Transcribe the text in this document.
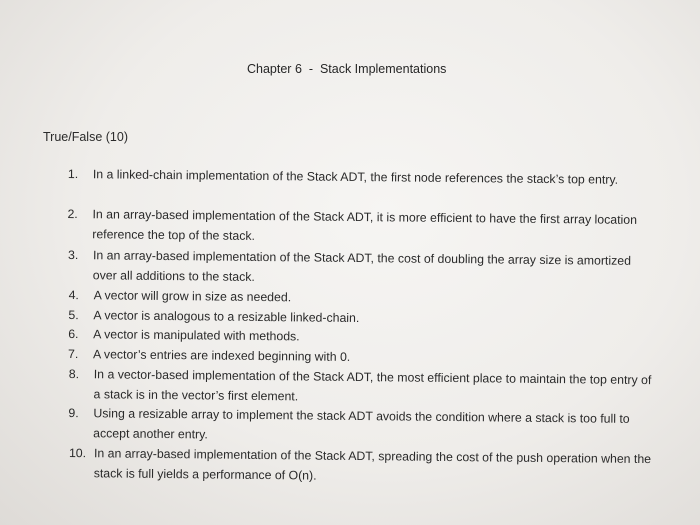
Chapter 6  -  Stack Implementations
True/False (10)
1. In a linked-chain implementation of the Stack ADT, the first node references the stack’s top entry.
2. In an array-based implementation of the Stack ADT, it is more efficient to have the first array location reference the top of the stack.
3. In an array-based implementation of the Stack ADT, the cost of doubling the array size is amortized over all additions to the stack.
4. A vector will grow in size as needed.
5. A vector is analogous to a resizable linked-chain.
6. A vector is manipulated with methods.
7. A vector’s entries are indexed beginning with 0.
8. In a vector-based implementation of the Stack ADT, the most efficient place to maintain the top entry of a stack is in the vector’s first element.
9. Using a resizable array to implement the stack ADT avoids the condition where a stack is too full to accept another entry.
10. In an array-based implementation of the Stack ADT, spreading the cost of the push operation when the stack is full yields a performance of O(n).
